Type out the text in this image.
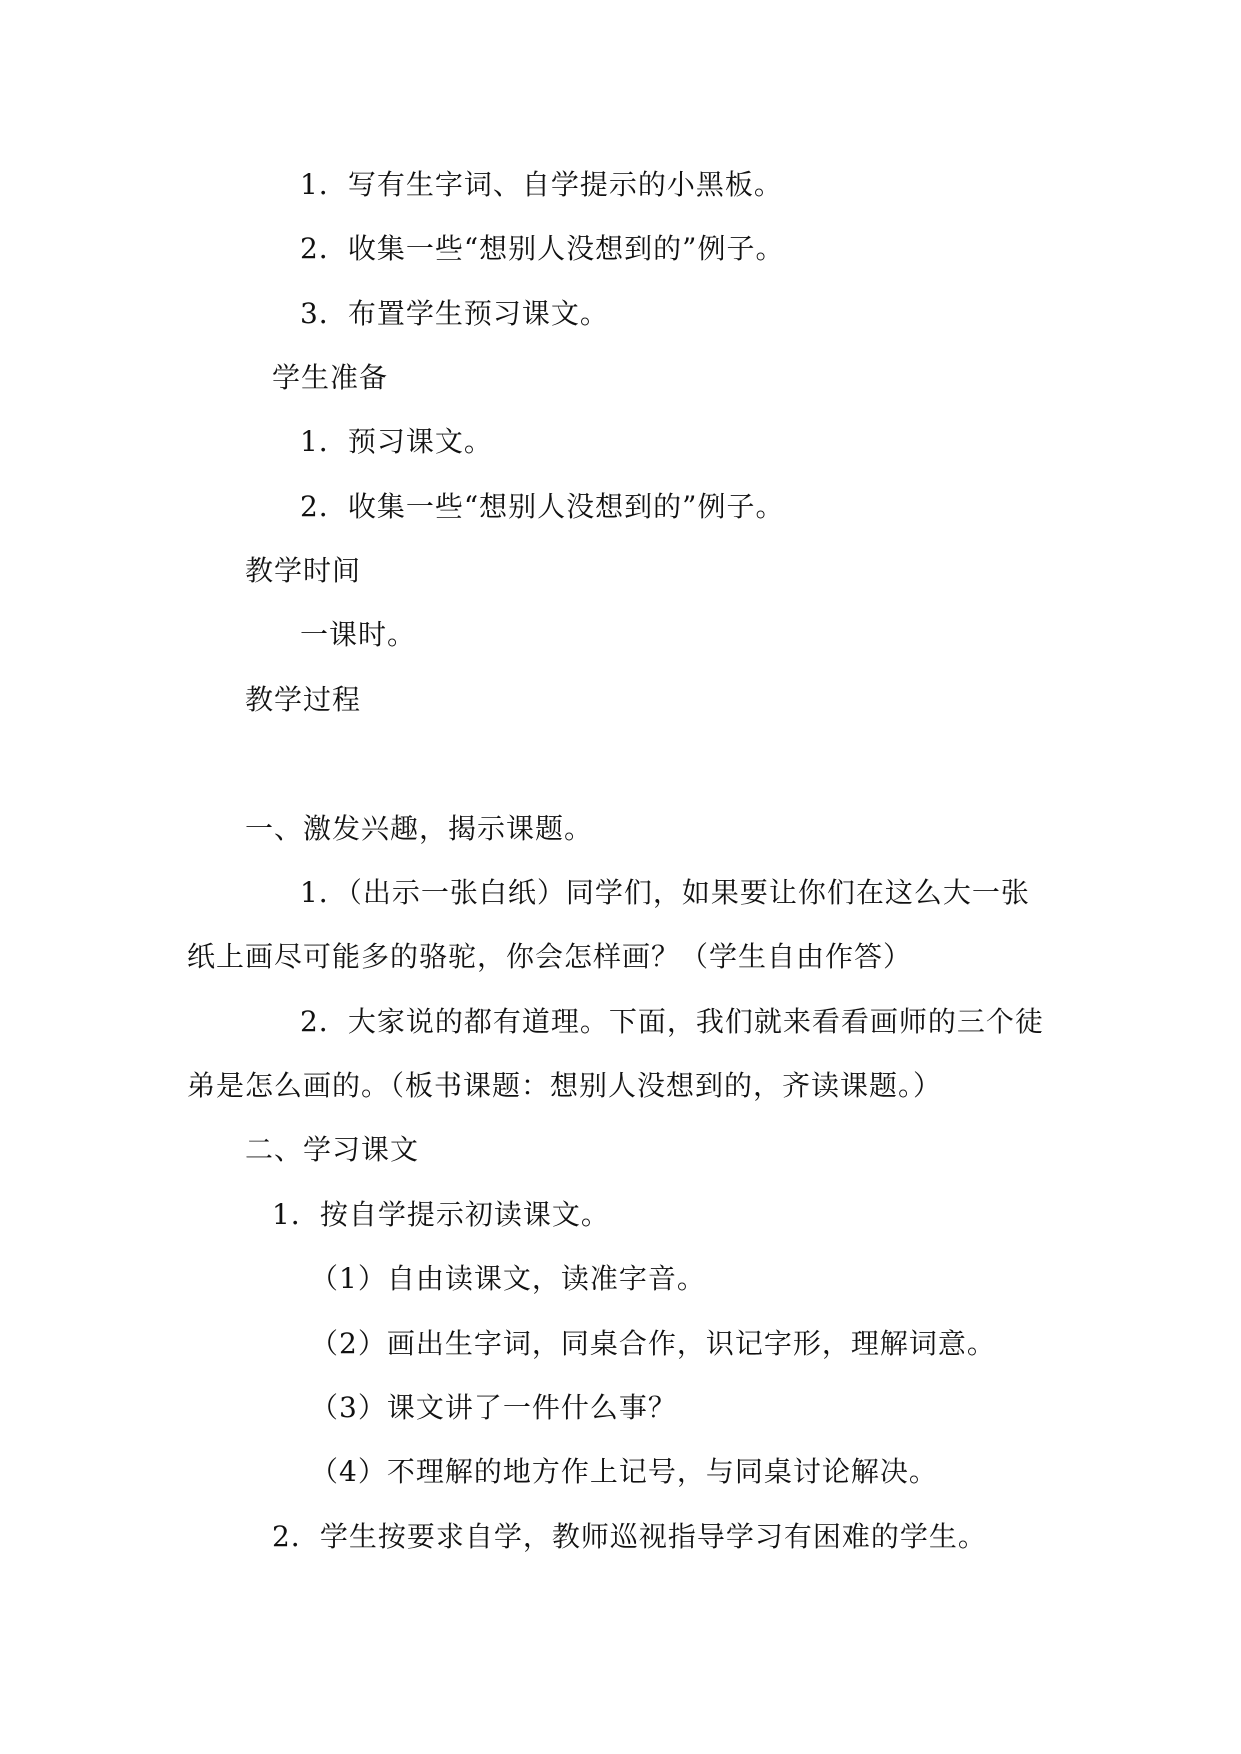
1．写有生字词、自学提示的小黑板。
2．收集一些“想别人没想到的”例子。
3．布置学生预习课文。
学生准备
1．预习课文。
2．收集一些“想别人没想到的”例子。
教学时间
一课时。
教学过程
一、激发兴趣，揭示课题。
1．（出示一张白纸）同学们，如果要让你们在这么大一张
纸上画尽可能多的骆驼，你会怎样画？（学生自由作答）
2．大家说的都有道理。下面，我们就来看看画师的三个徒
弟是怎么画的。（板书课题：想别人没想到的，齐读课题。）
二、学习课文
1．按自学提示初读课文。
（1）自由读课文，读准字音。
（2）画出生字词，同桌合作，识记字形，理解词意。
（3）课文讲了一件什么事？
（4）不理解的地方作上记号，与同桌讨论解决。
2．学生按要求自学，教师巡视指导学习有困难的学生。
